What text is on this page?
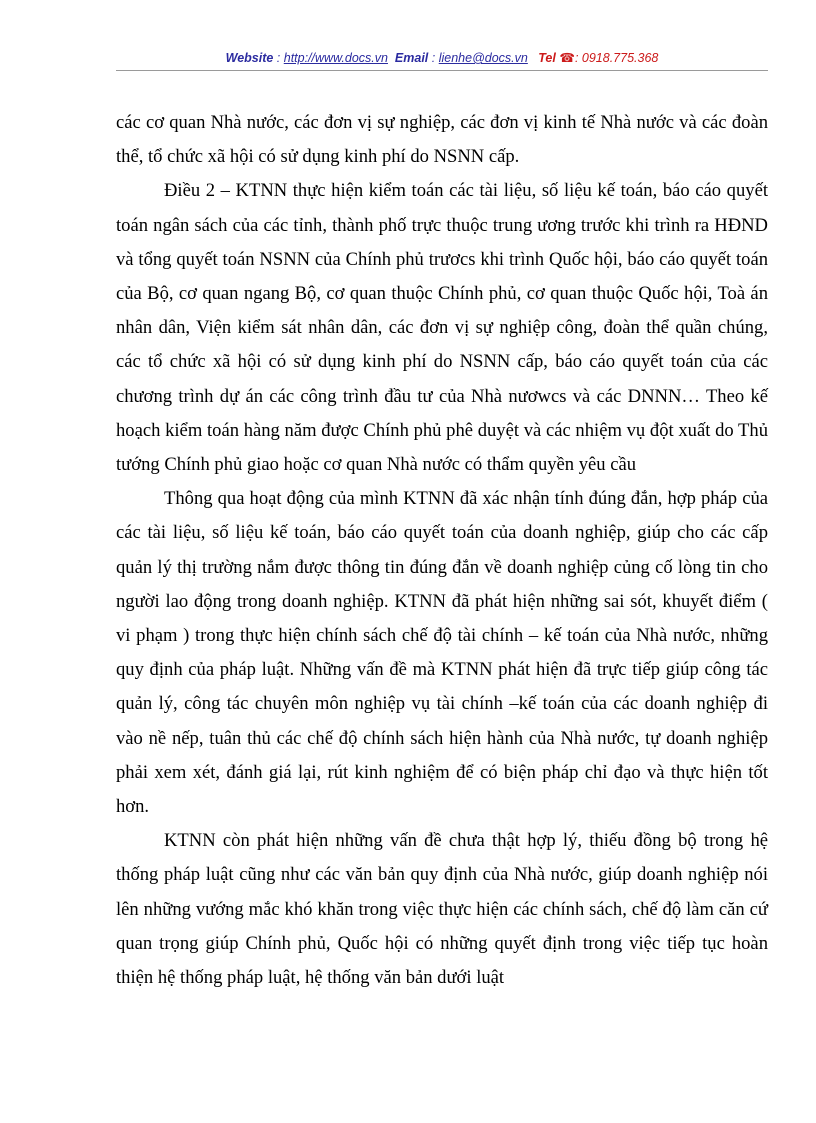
Website : http://www.docs.vn Email : lienhe@docs.vn Tel ☎: 0918.775.368

các cơ quan Nhà nước, các đơn vị sự nghiệp, các đơn vị kinh tế Nhà nước và các đoàn thể, tổ chức xã hội có sử dụng kinh phí do NSNN cấp.

Điều 2 – KTNN thực hiện kiểm toán các tài liệu, số liệu kế toán, báo cáo quyết toán ngân sách của các tỉnh, thành phố trực thuộc trung ương trước khi trình ra HĐND và tổng quyết toán NSNN của Chính phủ trươcs khi trình Quốc hội, báo cáo quyết toán của Bộ, cơ quan ngang Bộ, cơ quan thuộc Chính phủ, cơ quan thuộc Quốc hội, Toà án nhân dân, Viện kiểm sát nhân dân, các đơn vị sự nghiệp công, đoàn thể quần chúng, các tổ chức xã hội có sử dụng kinh phí do NSNN cấp, báo cáo quyết toán của các chương trình dự án các công trình đầu tư của Nhà nươwcs và các DNNN… Theo kế hoạch kiểm toán hàng năm được Chính phủ phê duyệt và các nhiệm vụ đột xuất do Thủ tướng Chính phủ giao hoặc cơ quan Nhà nước có thẩm quyền yêu cầu

Thông qua hoạt động của mình KTNN đã xác nhận tính đúng đắn, hợp pháp của các tài liệu, số liệu kế toán, báo cáo quyết toán của doanh nghiệp, giúp cho các cấp quản lý thị trường nắm được thông tin đúng đắn về doanh nghiệp củng cố lòng tin cho người lao động trong doanh nghiệp. KTNN đã phát hiện những sai sót, khuyết điểm ( vi phạm ) trong thực hiện chính sách chế độ tài chính – kế toán của Nhà nước, những quy định của pháp luật. Những vấn đề mà KTNN phát hiện đã trực tiếp giúp công tác quản lý, công tác chuyên môn nghiệp vụ tài chính –kế toán của các doanh nghiệp đi vào nề nếp, tuân thủ các chế độ chính sách hiện hành của Nhà nước, tự doanh nghiệp phải xem xét, đánh giá lại, rút kinh nghiệm để có biện pháp chỉ đạo và thực hiện tốt hơn.

KTNN còn phát hiện những vấn đề chưa thật hợp lý, thiếu đồng bộ trong hệ thống pháp luật cũng như các văn bản quy định của Nhà nước, giúp doanh nghiệp nói lên những vướng mắc khó khăn trong việc thực hiện các chính sách, chế độ làm căn cứ quan trọng giúp Chính phủ, Quốc hội có những quyết định trong việc tiếp tục hoàn thiện hệ thống pháp luật, hệ thống văn bản dưới luật
